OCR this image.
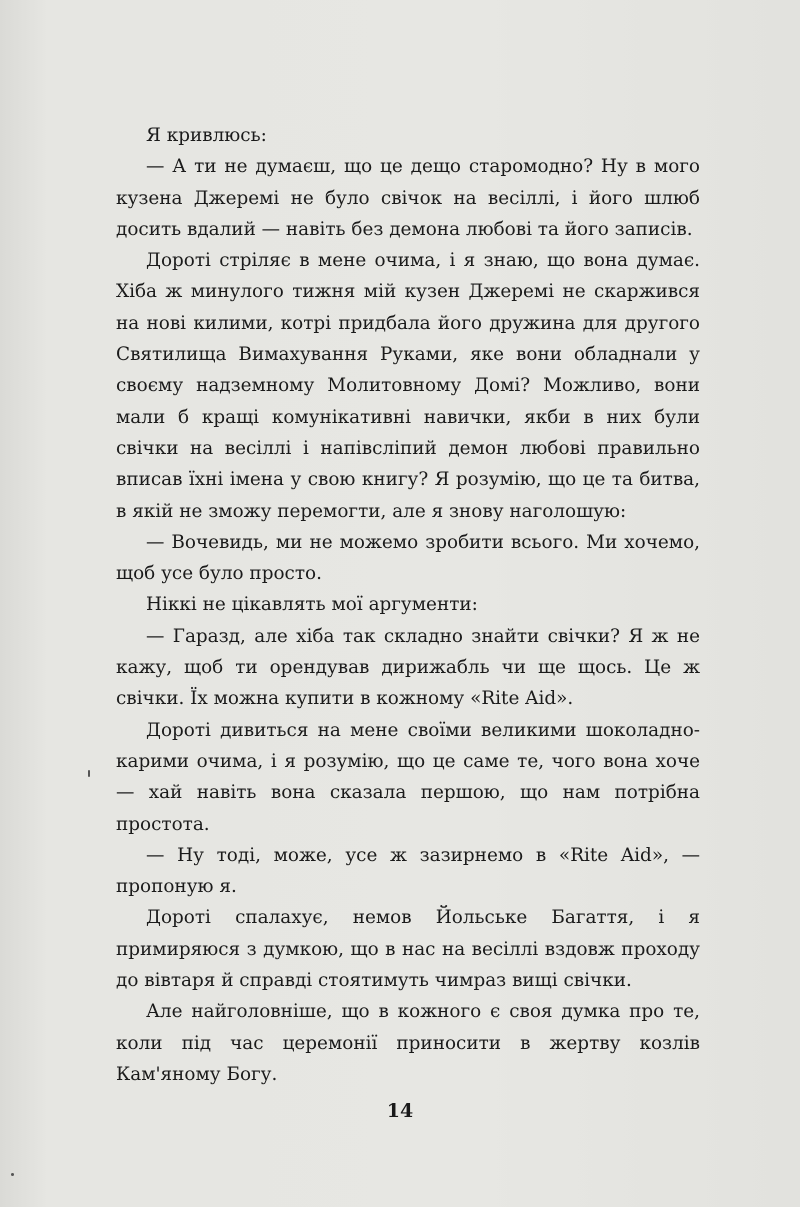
Я кривлюсь:

— А ти не думаєш, що це дещо старомодно? Ну в мого кузена Джеремі не було свічок на весіллі, і його шлюб досить вдалий — навіть без демона любові та його записів.

Дороті стріляє в мене очима, і я знаю, що вона думає. Хіба ж минулого тижня мій кузен Джеремі не скаржився на нові килими, котрі придбала його дружина для другого Святилища Вимахування Руками, яке вони обладнали у своєму надземному Молитовному Домі? Можливо, вони мали б кращі комунікативні навички, якби в них були свічки на весіллі і напівсліпий демон любові правильно вписав їхні імена у свою книгу? Я розумію, що це та битва, в якій не зможу перемогти, але я знову наголошую:

— Вочевидь, ми не можемо зробити всього. Ми хочемо, щоб усе було просто.

Ніккі не цікавлять мої аргументи:

— Гаразд, але хіба так складно знайти свічки? Я ж не кажу, щоб ти орендував дирижабль чи ще щось. Це ж свічки. Їх можна купити в кожному «Rite Aid».

Дороті дивиться на мене своїми великими шоколадно-карими очима, і я розумію, що це саме те, чого вона хоче — хай навіть вона сказала першою, що нам потрібна простота.

— Ну тоді, може, усе ж зазирнемо в «Rite Aid», — пропоную я.

Дороті спалахує, немов Йольське Багаття, і я примиряюся з думкою, що в нас на весіллі вздовж проходу до вівтаря й справді стоятимуть чимраз вищі свічки.

Але найголовніше, що в кожного є своя думка про те, коли під час церемонії приносити в жертву козлів Кам'яному Богу.

14
